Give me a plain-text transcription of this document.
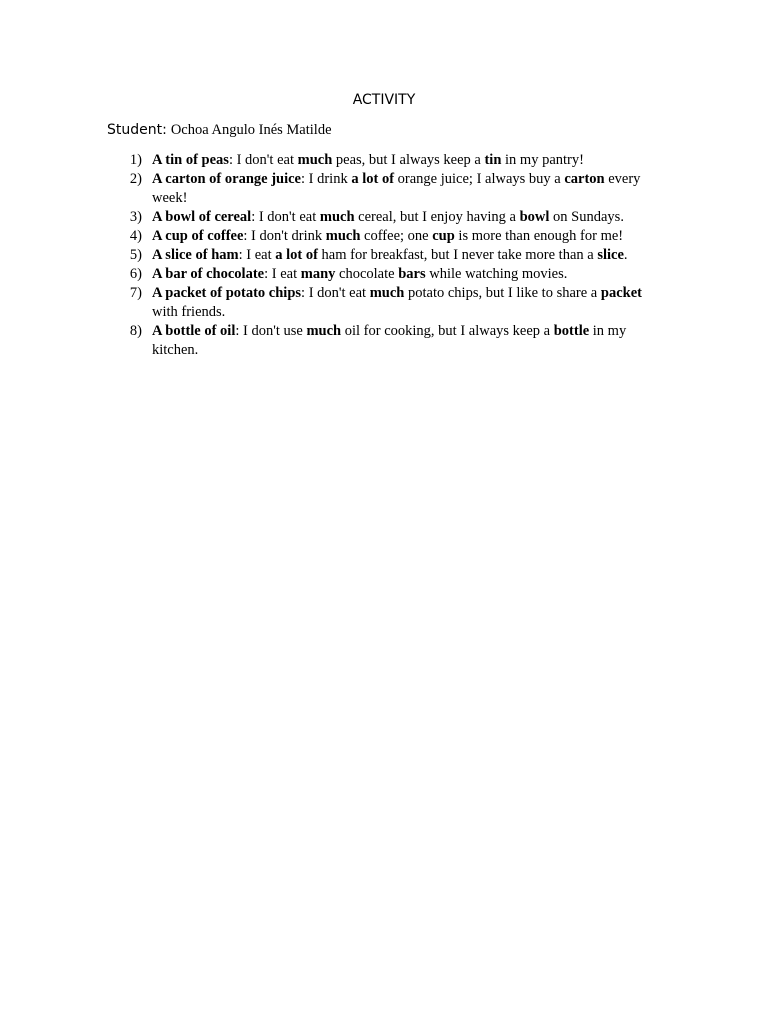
ACTIVITY
Student: Ochoa Angulo Inés Matilde
1) A tin of peas: I don't eat much peas, but I always keep a tin in my pantry!
2) A carton of orange juice: I drink a lot of orange juice; I always buy a carton every week!
3) A bowl of cereal: I don't eat much cereal, but I enjoy having a bowl on Sundays.
4) A cup of coffee: I don't drink much coffee; one cup is more than enough for me!
5) A slice of ham: I eat a lot of ham for breakfast, but I never take more than a slice.
6) A bar of chocolate: I eat many chocolate bars while watching movies.
7) A packet of potato chips: I don't eat much potato chips, but I like to share a packet with friends.
8) A bottle of oil: I don't use much oil for cooking, but I always keep a bottle in my kitchen.
